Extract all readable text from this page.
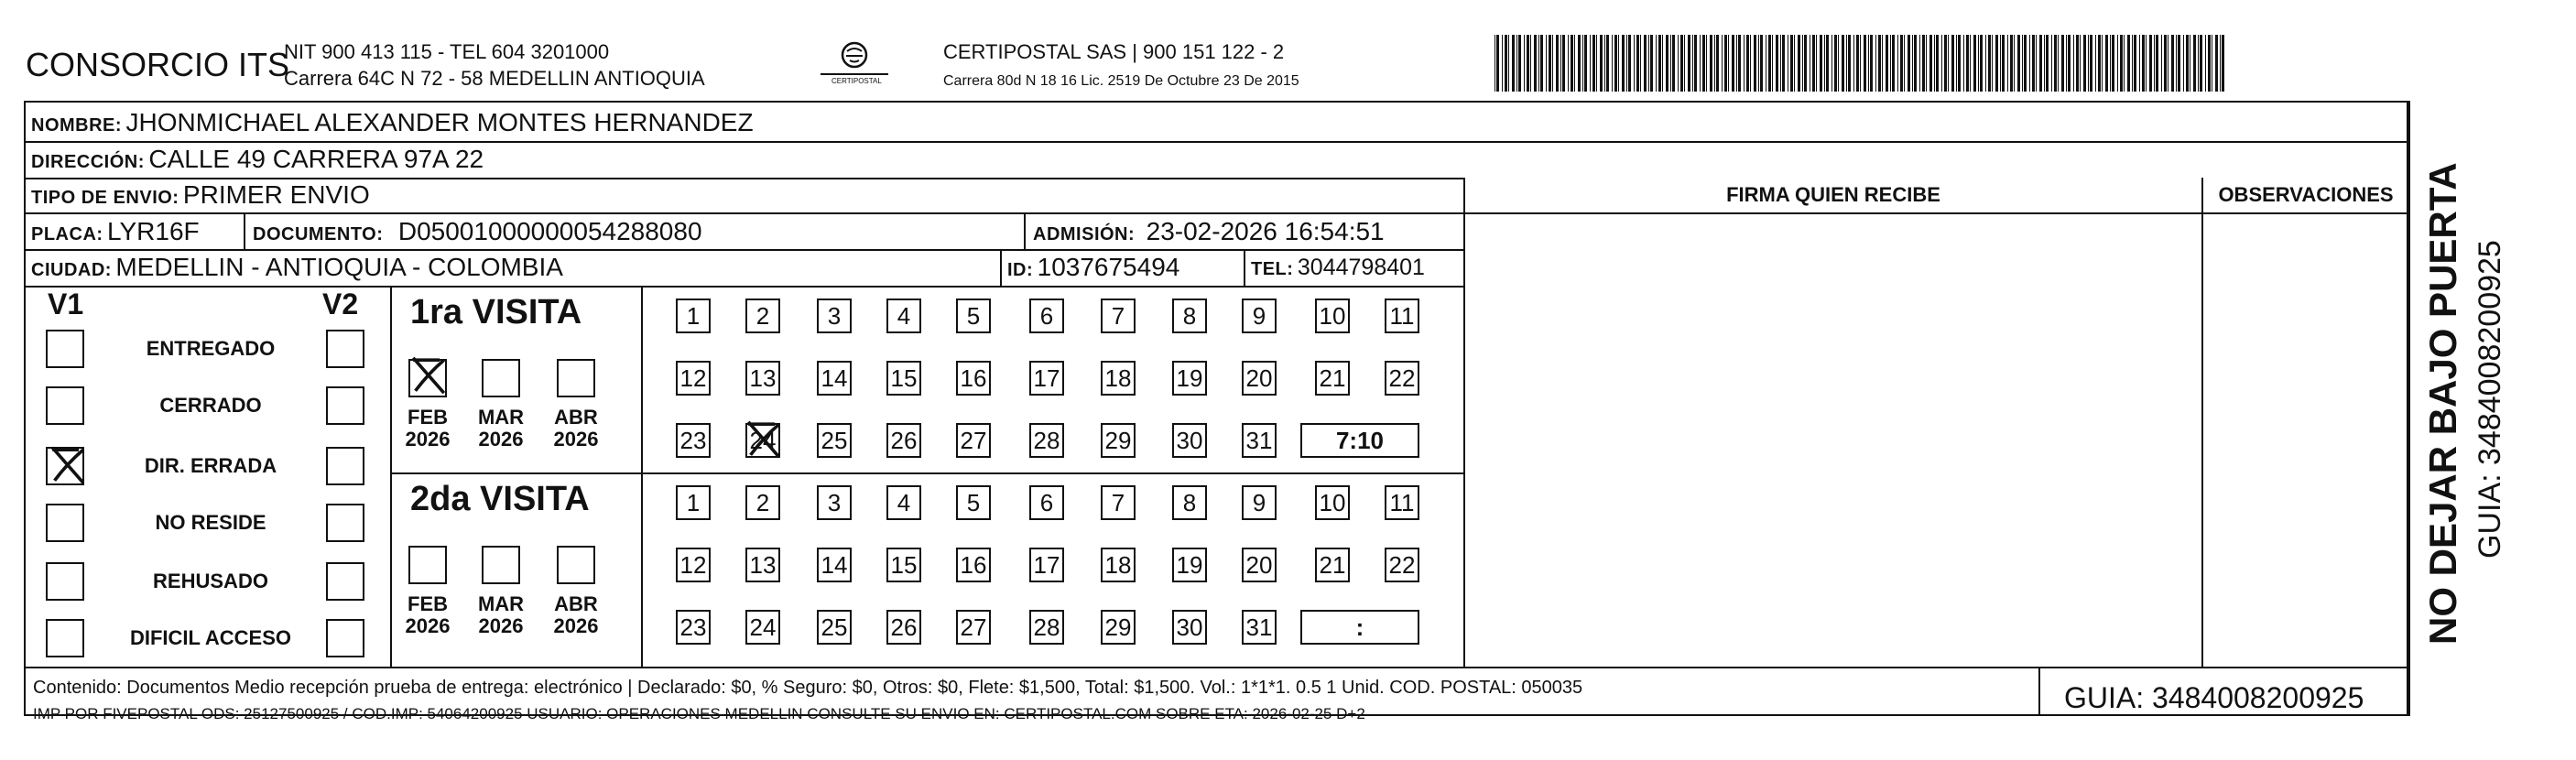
CONSORCIO ITS
NIT 900 413 115 - TEL 604 3201000
Carrera 64C N 72 - 58 MEDELLIN ANTIOQUIA	CERTIPOSTAL
CERTIPOSTAL SAS | 900 151 122 - 2
Carrera 80d N 18 16 Lic. 2519 De Octubre 23 De 2015
NOMBRE: JHONMICHAEL ALEXANDER MONTES HERNANDEZ
DIRECCIÓN: CALLE 49 CARRERA 97A 22
TIPO DE ENVIO: PRIMER ENVIO	FIRMA QUIEN RECIBE	OBSERVACIONES
PLACA: LYR16F	DOCUMENTO: D05001000000054288080	ADMISIÓN: 23-02-2026 16:54:51
CIUDAD: MEDELLIN - ANTIOQUIA - COLOMBIA	ID: 1037675494	TEL: 3044798401
V1	V2
ENTREGADO
CERRADO
DIR. ERRADA
NO RESIDE
REHUSADO
DIFICIL ACCESO
1ra VISITA
FEB
2026
MAR
2026
ABR
2026
1	2	3	4	5	6	7	8	9	10 11
12 13 14 15 16 17 18 19 20 21 22
23 24 25 26 27 28 29 30 31	7:10
2da VISITA
FEB
2026
MAR
2026
ABR
2026
1	2	3	4	5	6	7	8	9	10 11
12 13 14 15 16 17 18 19 20 21 22
23 24 25 26 27 28 29 30 31	:
Contenido: Documentos Medio recepción prueba de entrega: electrónico | Declarado: $0, % Seguro: $0, Otros: $0, Flete: $1,500, Total: $1,500. Vol.: 1*1*1. 0.5 1 Unid. COD. POSTAL: 050035
IMP POR FIVEPOSTAL ODS: 25127500925 / COD.IMP: 54064200925 USUARIO: OPERACIONES MEDELLIN CONSULTE SU ENVIO EN: CERTIPOSTAL.COM SOBRE ETA: 2026-02-25 D+2	GUIA: 3484008200925
NO DEJAR BAJO PUERTA GUIA: 3484008200925
